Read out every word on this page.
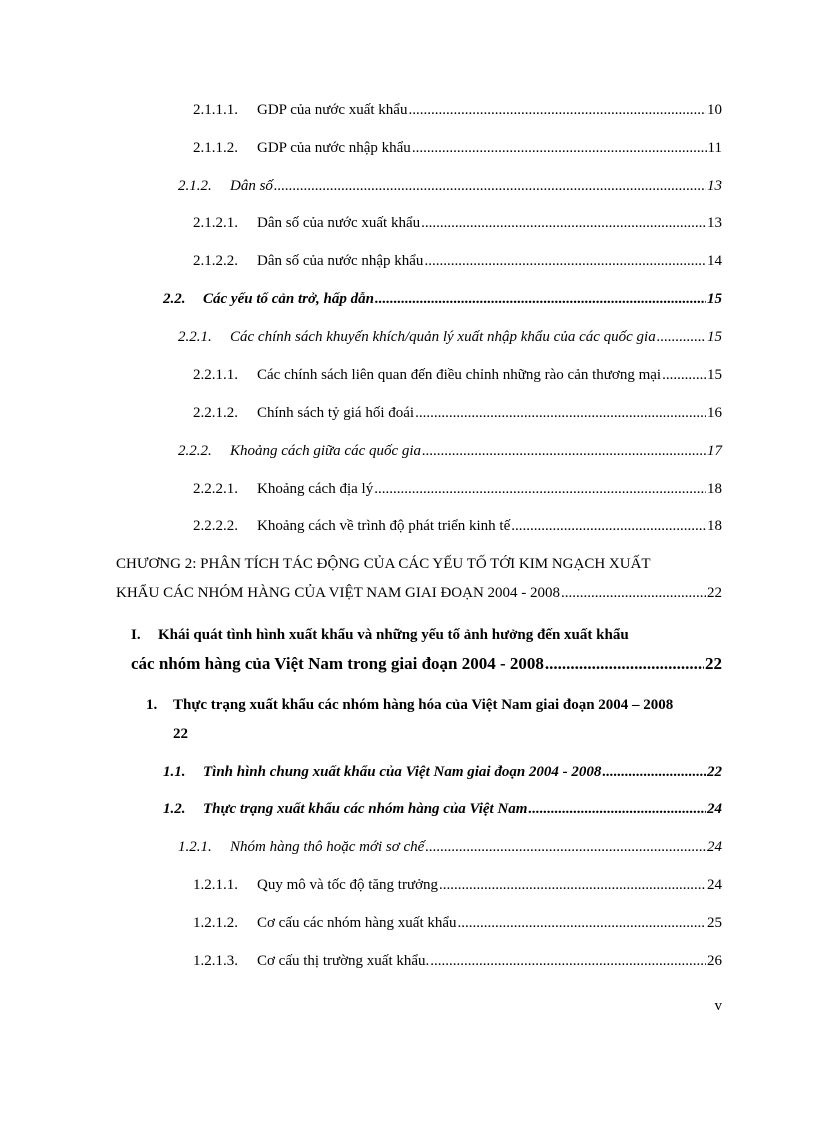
2.1.1.1.	GDP của nước xuất khẩu .....	10
2.1.1.2.	GDP của nước nhập khẩu .....	11
2.1.2.	Dân số .....	13
2.1.2.1.	Dân số của nước xuất khẩu .....	13
2.1.2.2.	Dân số của nước nhập khẩu .....	14
2.2.	Các yếu tố cản trở, hấp dẫn .....	15
2.2.1.	Các chính sách khuyến khích/quản lý xuất nhập khẩu của các quốc gia .....	15
2.2.1.1.	Các chính sách liên quan đến điều chỉnh những rào cản thương mại .....	15
2.2.1.2.	Chính sách tỷ giá hối đoái .....	16
2.2.2.	Khoảng cách giữa các quốc gia .....	17
2.2.2.1.	Khoảng cách địa lý .....	18
2.2.2.2.	Khoảng cách về trình độ phát triển kinh tế .....	18
CHƯƠNG 2: PHÂN TÍCH TÁC ĐỘNG CỦA CÁC YẾU TỐ TỚI KIM NGẠCH XUẤT
KHẨU CÁC NHÓM HÀNG CỦA VIỆT NAM GIAI ĐOẠN 2004 - 2008 .....	22
I.	Khái quát tình hình xuất khẩu và những yếu tố ảnh hưởng đến xuất khẩu
các nhóm hàng của Việt Nam trong giai đoạn 2004 - 2008 .....	22
1.	Thực trạng xuất khẩu các nhóm hàng hóa của Việt Nam giai đoạn 2004 – 2008
22
1.1.	Tình hình chung xuất khẩu của Việt Nam giai đoạn 2004 - 2008 .....	22
1.2.	Thực trạng xuất khẩu các nhóm hàng của Việt Nam .....	24
1.2.1.	Nhóm hàng thô hoặc mới sơ chế .....	24
1.2.1.1.	Quy mô và tốc độ tăng trưởng .....	24
1.2.1.2.	Cơ cấu các nhóm hàng xuất khẩu .....	25
1.2.1.3.	Cơ cấu thị trường xuất khẩu. .....	26
v
